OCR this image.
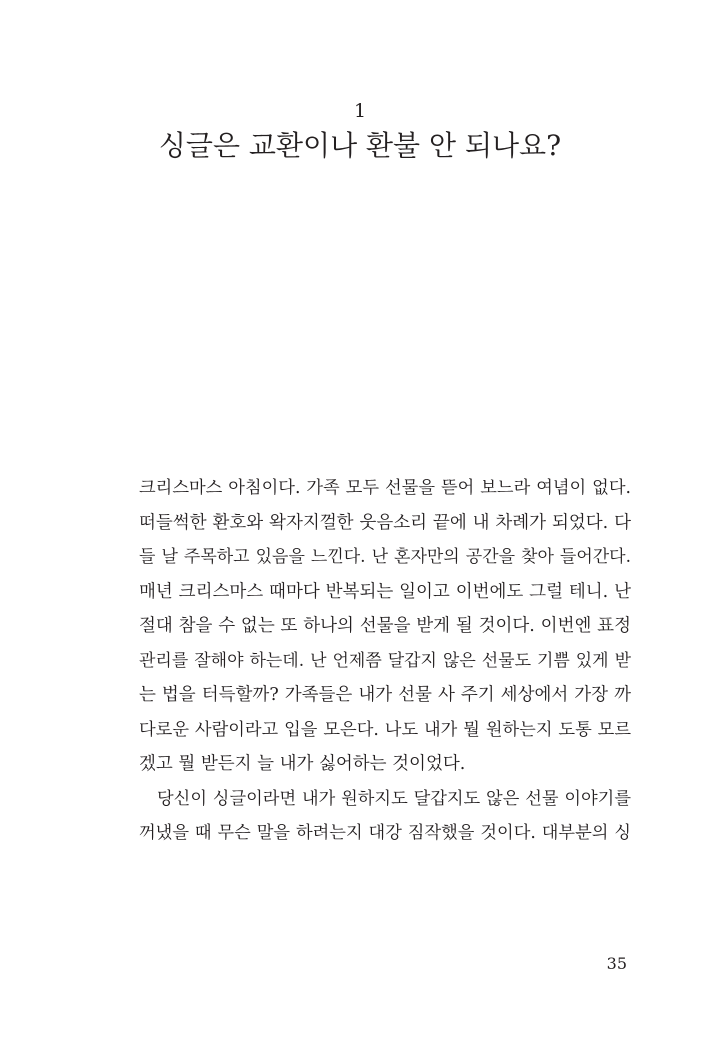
1
싱글은 교환이나 환불 안 되나요?
크리스마스 아침이다. 가족 모두 선물을 뜯어 보느라 여념이 없다.
떠들썩한 환호와 왁자지껄한 웃음소리 끝에 내 차례가 되었다. 다
들 날 주목하고 있음을 느낀다. 난 혼자만의 공간을 찾아 들어간다.
매년 크리스마스 때마다 반복되는 일이고 이번에도 그럴 테니. 난
절대 참을 수 없는 또 하나의 선물을 받게 될 것이다. 이번엔 표정
관리를 잘해야 하는데. 난 언제쯤 달갑지 않은 선물도 기쁨 있게 받
는 법을 터득할까? 가족들은 내가 선물 사 주기 세상에서 가장 까
다로운 사람이라고 입을 모은다. 나도 내가 뭘 원하는지 도통 모르
겠고 뭘 받든지 늘 내가 싫어하는 것이었다.
당신이 싱글이라면 내가 원하지도 달갑지도 않은 선물 이야기를
꺼냈을 때 무슨 말을 하려는지 대강 짐작했을 것이다. 대부분의 싱
35
